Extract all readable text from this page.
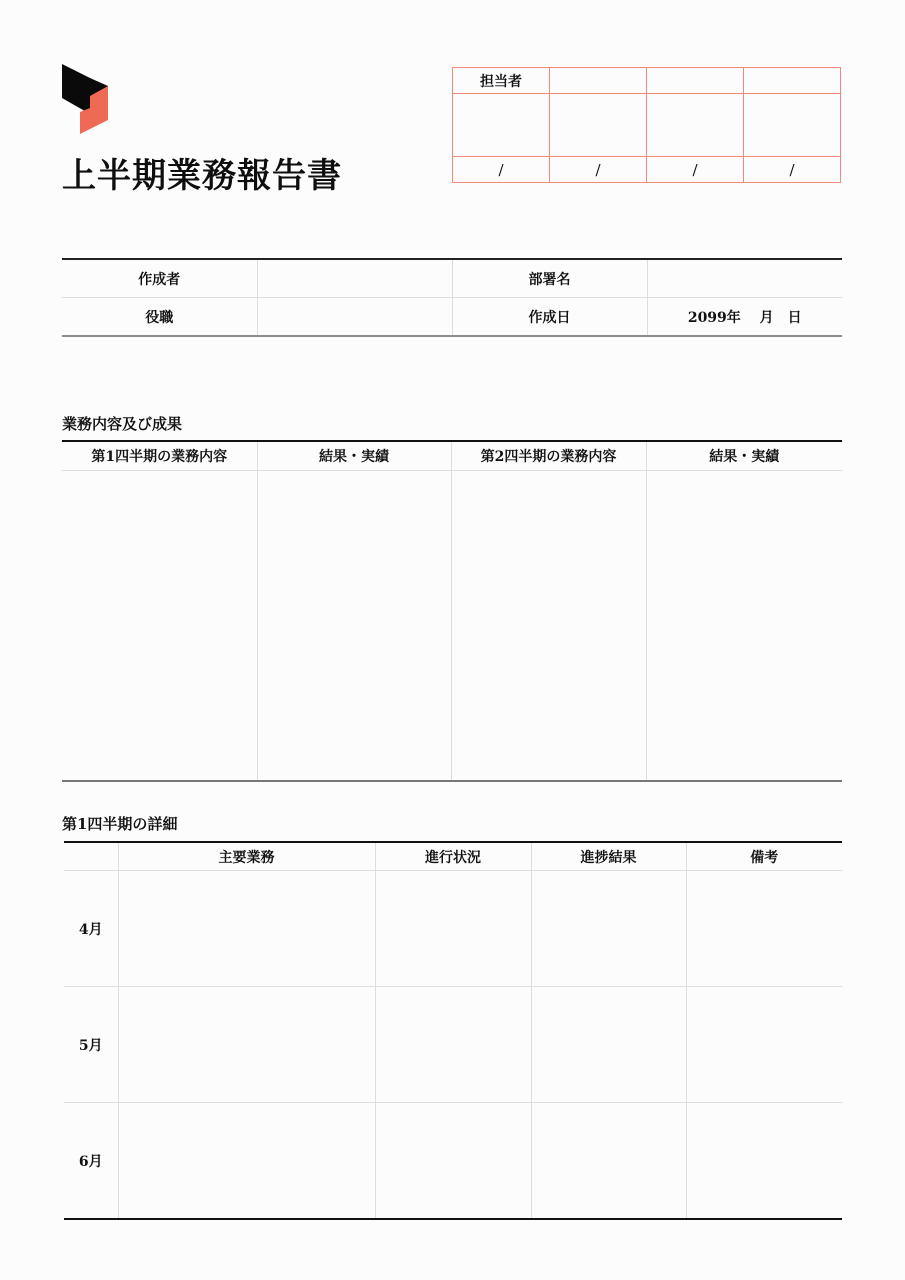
上半期業務報告書
担当者			

/	/	/	/
作成者		部署名	
役職		作成日	2099年　 月　日
業務内容及び成果
第1四半期の業務内容	結果・実績	第2四半期の業務内容	結果・実績

第1四半期の詳細
	主要業務	進行状況	進捗結果	備考
4月				
5月				
6月				
